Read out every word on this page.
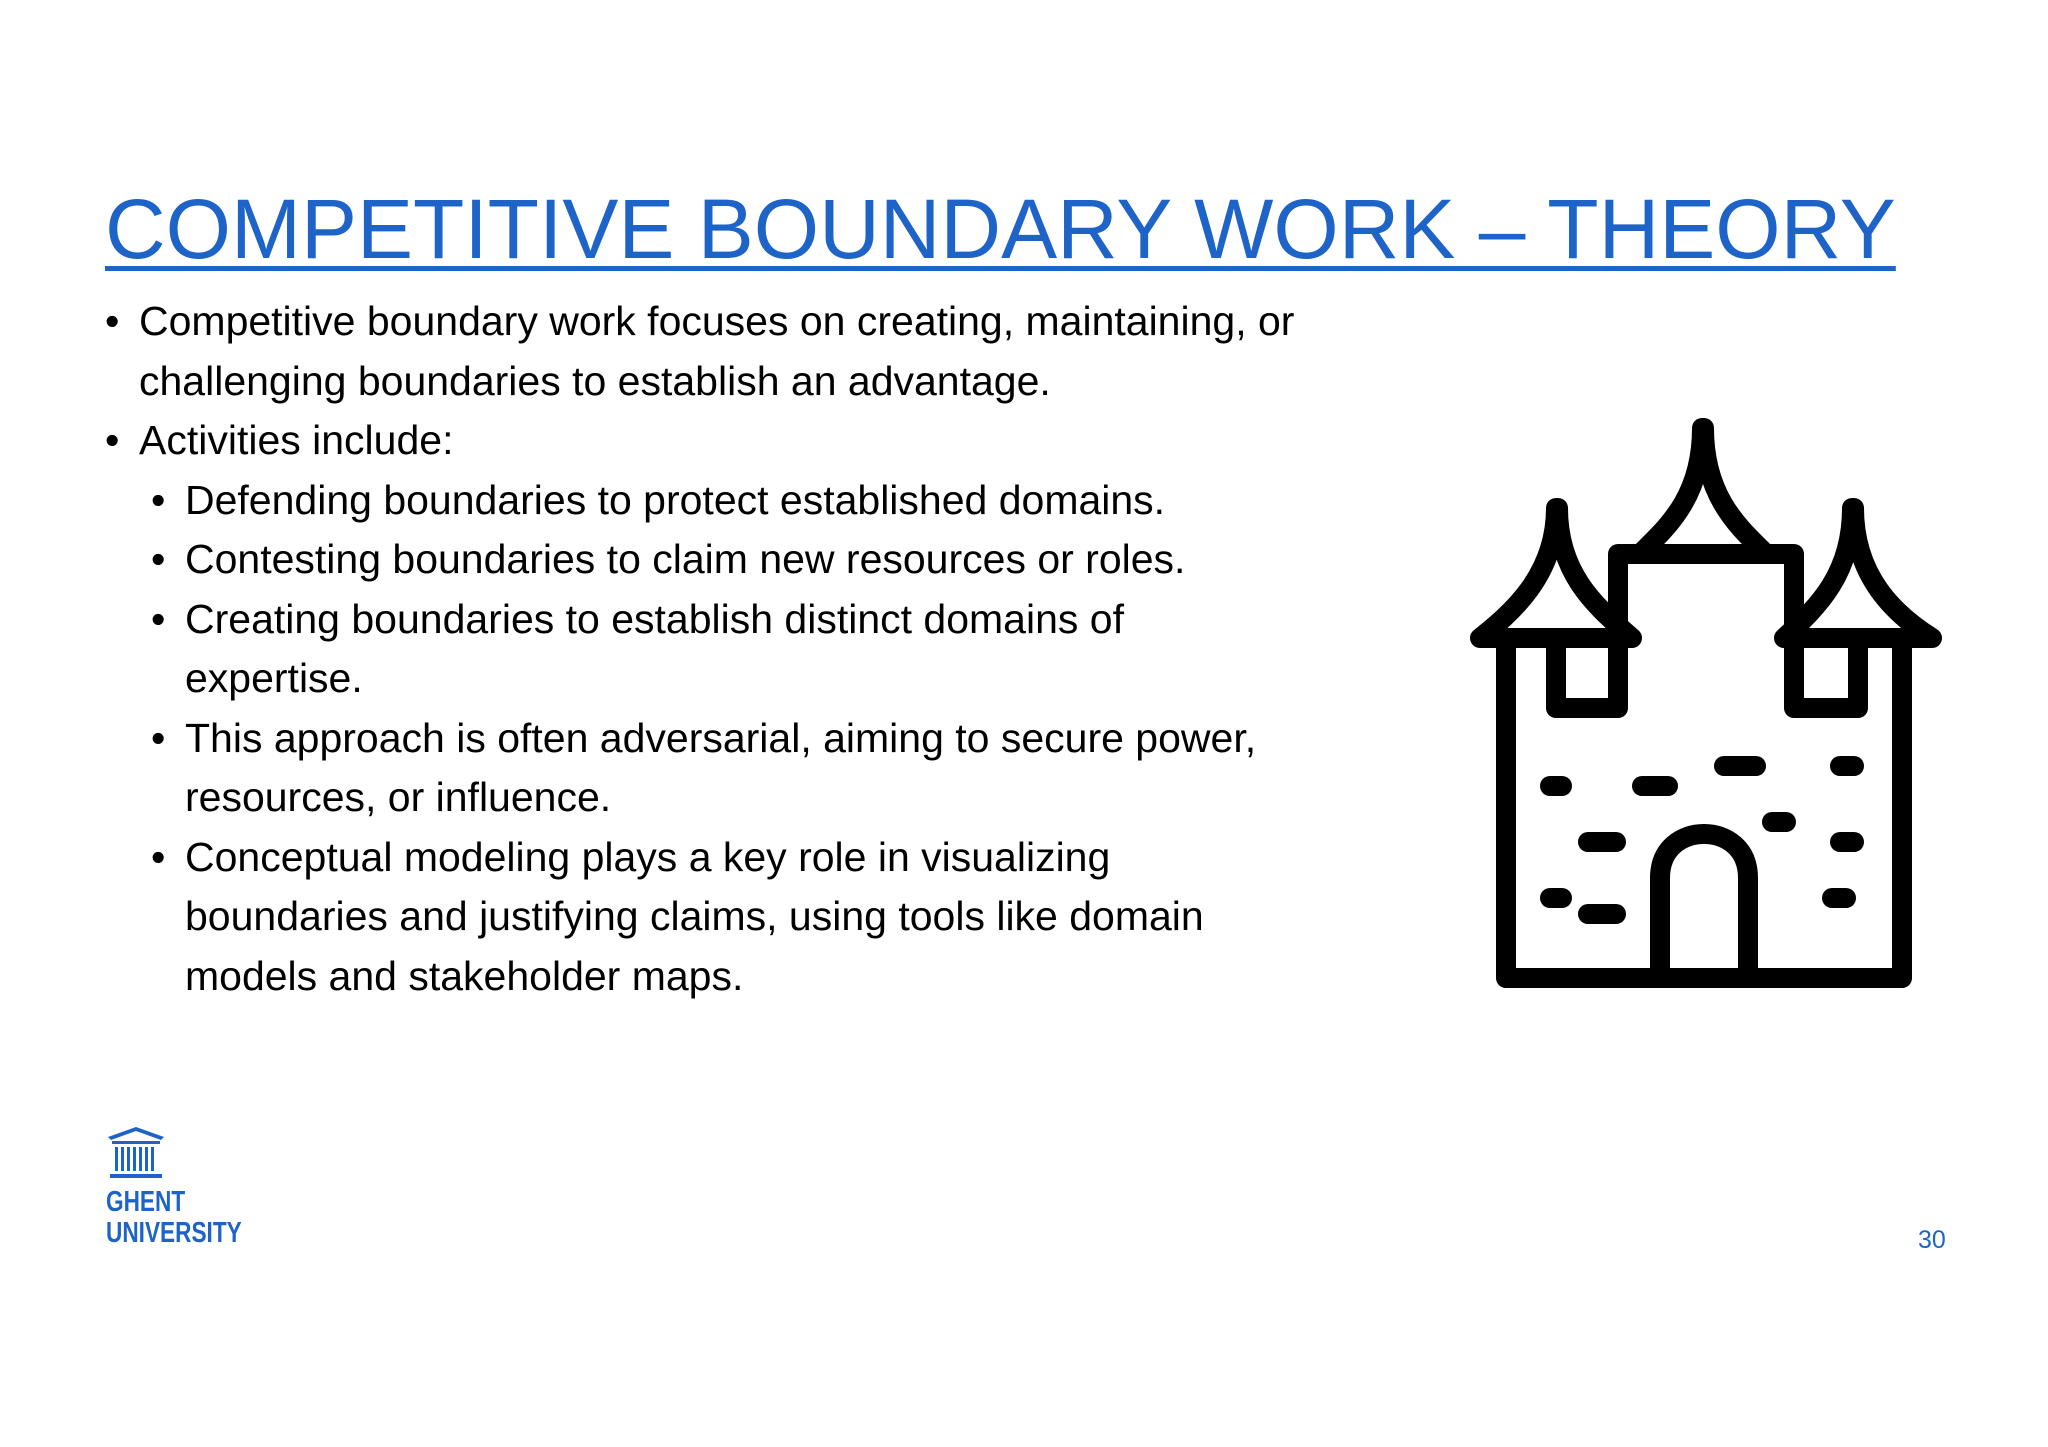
COMPETITIVE BOUNDARY WORK – THEORY
• Competitive boundary work focuses on creating, maintaining, or challenging boundaries to establish an advantage.
• Activities include:
• Defending boundaries to protect established domains.
• Contesting boundaries to claim new resources or roles.
• Creating boundaries to establish distinct domains of expertise.
• This approach is often adversarial, aiming to secure power, resources, or influence.
• Conceptual modeling plays a key role in visualizing boundaries and justifying claims, using tools like domain models and stakeholder maps.
GHENT
UNIVERSITY	30
